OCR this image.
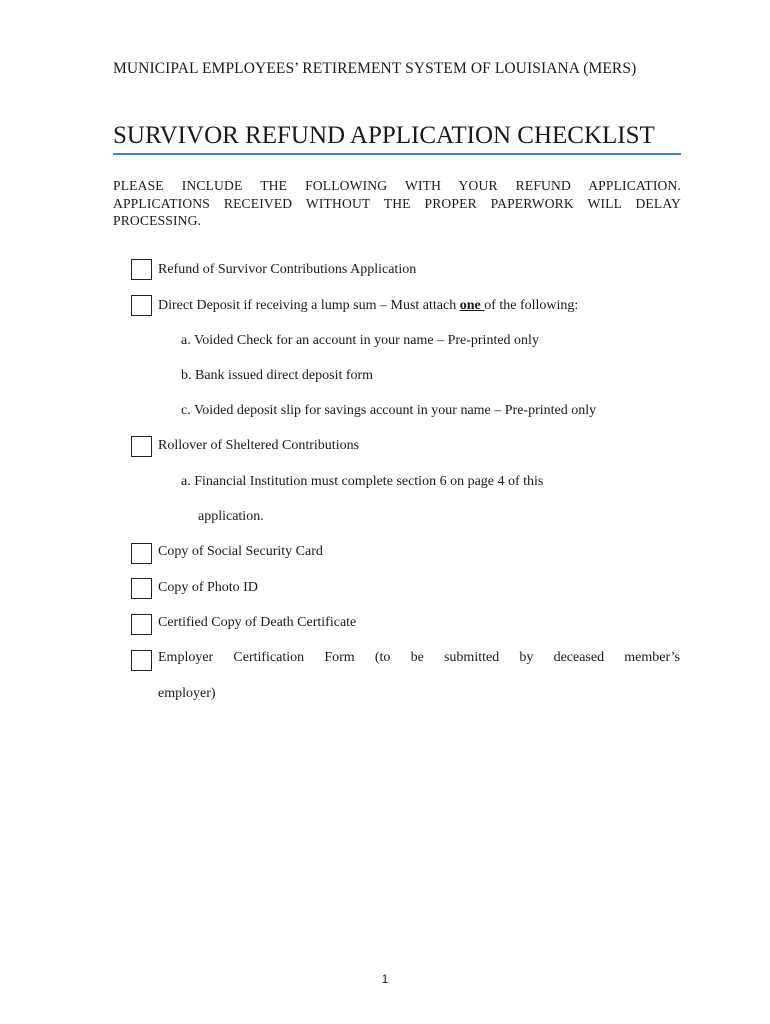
MUNICIPAL EMPLOYEES’ RETIREMENT SYSTEM OF LOUISIANA (MERS)
SURVIVOR REFUND APPLICATION CHECKLIST
PLEASE INCLUDE THE FOLLOWING WITH YOUR REFUND APPLICATION.
APPLICATIONS RECEIVED WITHOUT THE PROPER PAPERWORK WILL DELAY
PROCESSING.
Refund of Survivor Contributions Application
Direct Deposit if receiving a lump sum – Must attach one of the following:
a. Voided Check for an account in your name – Pre-printed only
b. Bank issued direct deposit form
c. Voided deposit slip for savings account in your name – Pre-printed only
Rollover of Sheltered Contributions
a. Financial Institution must complete section 6 on page 4 of this
application.
Copy of Social Security Card
Copy of Photo ID
Certified Copy of Death Certificate
Employer Certification Form (to be submitted by deceased member’s
employer)
1
